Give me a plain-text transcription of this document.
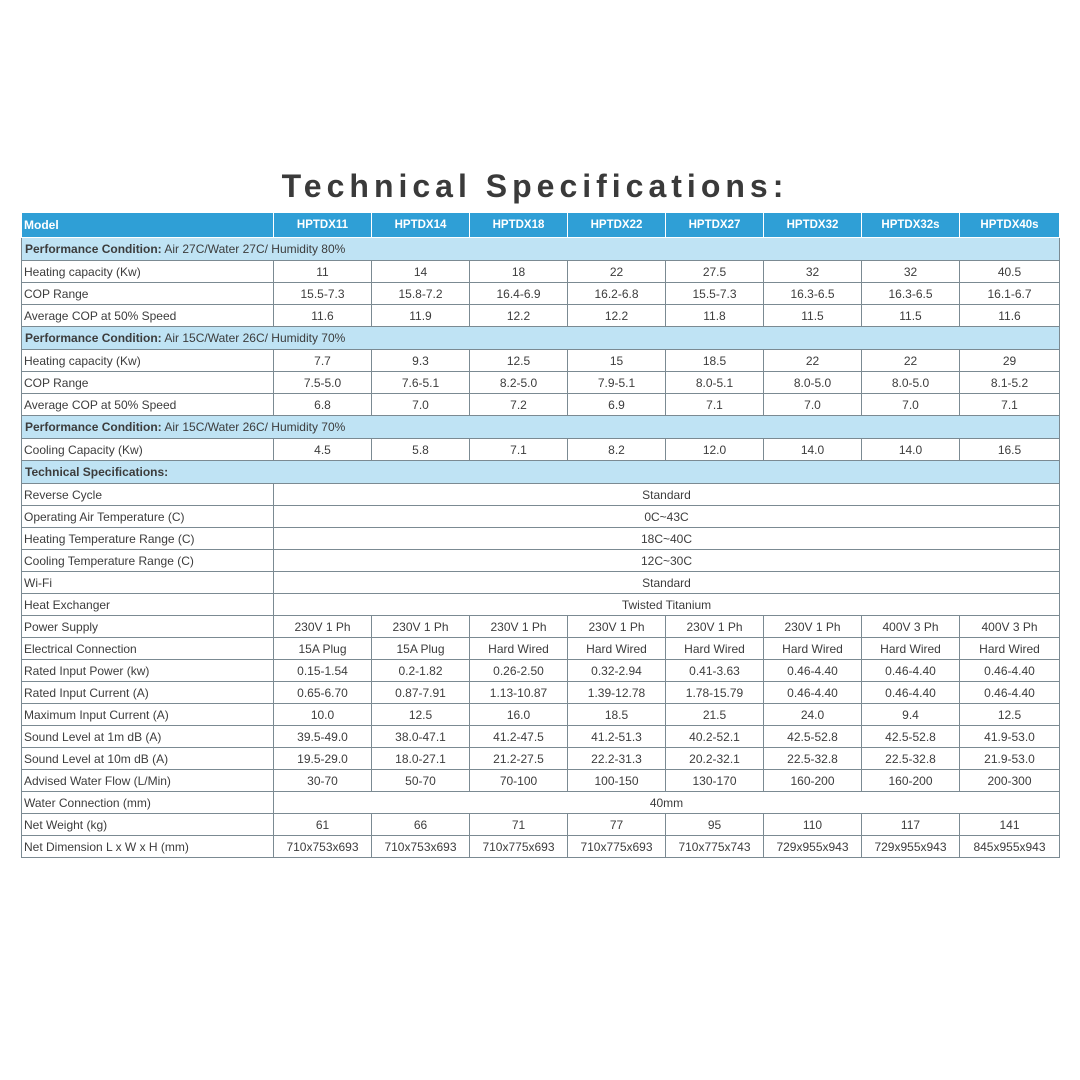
Technical Specifications:
Model	HPTDX11	HPTDX14	HPTDX18	HPTDX22	HPTDX27	HPTDX32	HPTDX32s	HPTDX40s
Performance Condition: Air 27C/Water 27C/ Humidity 80%								
Heating capacity (Kw)	11	14	18	22	27.5	32	32	40.5
COP Range	15.5-7.3	15.8-7.2	16.4-6.9	16.2-6.8	15.5-7.3	16.3-6.5	16.3-6.5	16.1-6.7
Average COP at 50% Speed	11.6	11.9	12.2	12.2	11.8	11.5	11.5	11.6
Performance Condition: Air 15C/Water 26C/ Humidity 70%								
Heating capacity (Kw)	7.7	9.3	12.5	15	18.5	22	22	29
COP Range	7.5-5.0	7.6-5.1	8.2-5.0	7.9-5.1	8.0-5.1	8.0-5.0	8.0-5.0	8.1-5.2
Average COP at 50% Speed	6.8	7.0	7.2	6.9	7.1	7.0	7.0	7.1
Performance Condition: Air 15C/Water 26C/ Humidity 70%								
Cooling Capacity (Kw)	4.5	5.8	7.1	8.2	12.0	14.0	14.0	16.5
Technical Specifications:								
Reverse Cycle	Standard							
Operating Air Temperature (C)	0C~43C							
Heating Temperature Range (C)	18C~40C							
Cooling Temperature Range (C)	12C~30C							
Wi-Fi	Standard							
Heat Exchanger	Twisted Titanium							
Power Supply	230V 1 Ph	230V 1 Ph	230V 1 Ph	230V 1 Ph	230V 1 Ph	230V 1 Ph	400V 3 Ph	400V 3 Ph
Electrical Connection	15A Plug	15A Plug	Hard Wired	Hard Wired	Hard Wired	Hard Wired	Hard Wired	Hard Wired
Rated Input Power (kw)	0.15-1.54	0.2-1.82	0.26-2.50	0.32-2.94	0.41-3.63	0.46-4.40	0.46-4.40	0.46-4.40
Rated Input Current (A)	0.65-6.70	0.87-7.91	1.13-10.87	1.39-12.78	1.78-15.79	0.46-4.40	0.46-4.40	0.46-4.40
Maximum Input Current (A)	10.0	12.5	16.0	18.5	21.5	24.0	9.4	12.5
Sound Level at 1m dB (A)	39.5-49.0	38.0-47.1	41.2-47.5	41.2-51.3	40.2-52.1	42.5-52.8	42.5-52.8	41.9-53.0
Sound Level at 10m dB (A)	19.5-29.0	18.0-27.1	21.2-27.5	22.2-31.3	20.2-32.1	22.5-32.8	22.5-32.8	21.9-53.0
Advised Water Flow (L/Min)	30-70	50-70	70-100	100-150	130-170	160-200	160-200	200-300
Water Connection (mm)	40mm							
Net Weight (kg)	61	66	71	77	95	110	117	141
Net Dimension L x W x H (mm)	710x753x693	710x753x693	710x775x693	710x775x693	710x775x743	729x955x943	729x955x943	845x955x943
